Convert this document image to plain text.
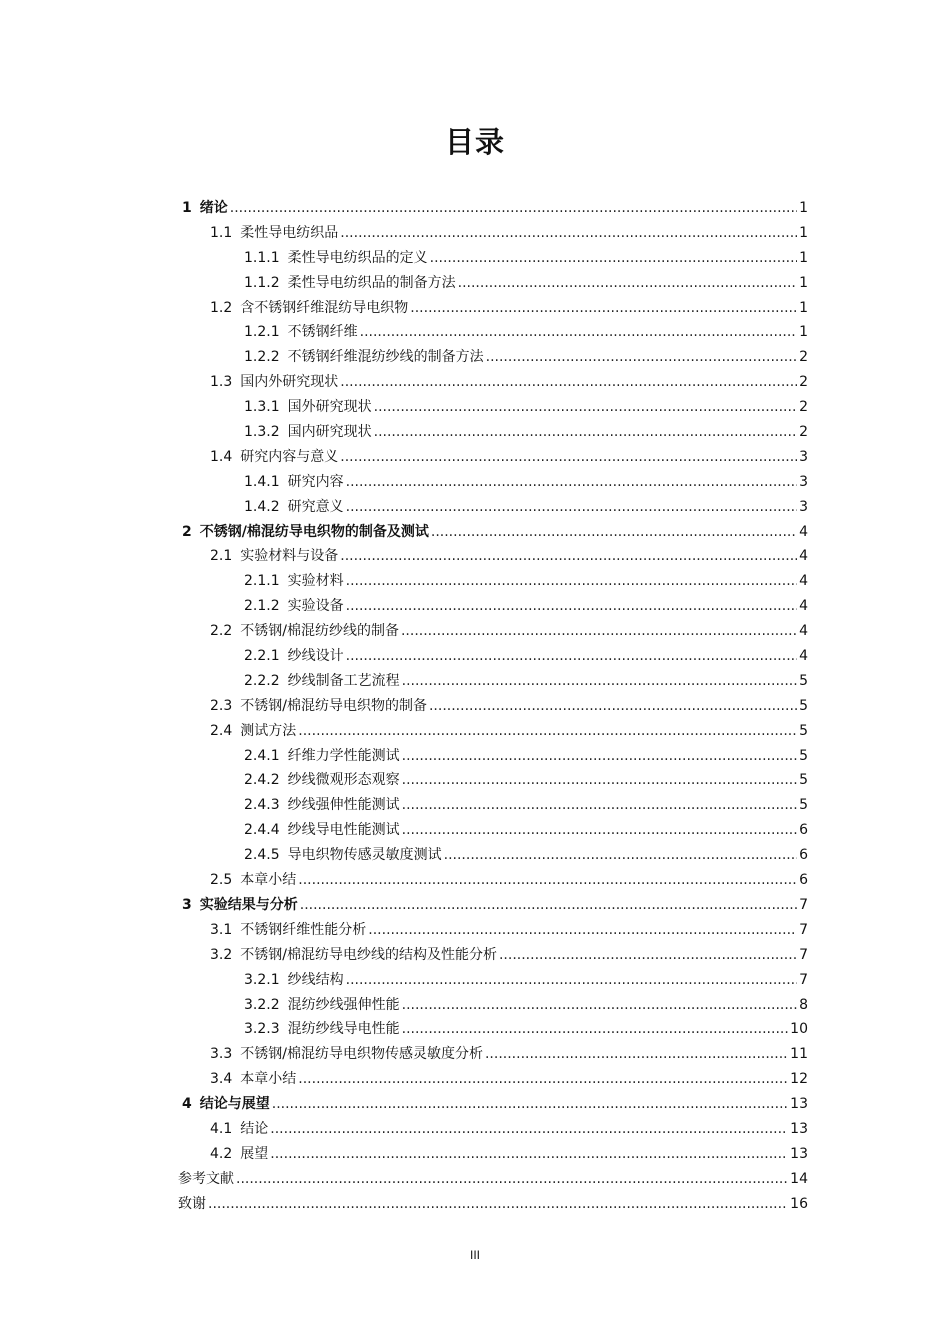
目录
1 绪论 .....	1
1.1 柔性导电纺织品 .....	1
1.1.1 柔性导电纺织品的定义 .....	1
1.1.2 柔性导电纺织品的制备方法 .....	1
1.2 含不锈钢纤维混纺导电织物 .....	1
1.2.1 不锈钢纤维 .....	1
1.2.2 不锈钢纤维混纺纱线的制备方法 .....	2
1.3 国内外研究现状 .....	2
1.3.1 国外研究现状 .....	2
1.3.2 国内研究现状 .....	2
1.4 研究内容与意义 .....	3
1.4.1 研究内容 .....	3
1.4.2 研究意义 .....	3
2 不锈钢/棉混纺导电织物的制备及测试 .....	4
2.1 实验材料与设备 .....	4
2.1.1 实验材料 .....	4
2.1.2 实验设备 .....	4
2.2 不锈钢/棉混纺纱线的制备 .....	4
2.2.1 纱线设计 .....	4
2.2.2 纱线制备工艺流程 .....	5
2.3 不锈钢/棉混纺导电织物的制备 .....	5
2.4 测试方法 .....	5
2.4.1 纤维力学性能测试 .....	5
2.4.2 纱线微观形态观察 .....	5
2.4.3 纱线强伸性能测试 .....	5
2.4.4 纱线导电性能测试 .....	6
2.4.5 导电织物传感灵敏度测试 .....	6
2.5 本章小结 .....	6
3 实验结果与分析 .....	7
3.1 不锈钢纤维性能分析 .....	7
3.2 不锈钢/棉混纺导电纱线的结构及性能分析 .....	7
3.2.1 纱线结构 .....	7
3.2.2 混纺纱线强伸性能 .....	8
3.2.3 混纺纱线导电性能 .....	10
3.3 不锈钢/棉混纺导电织物传感灵敏度分析 .....	11
3.4 本章小结 .....	12
4 结论与展望 .....	13
4.1 结论 .....	13
4.2 展望 .....	13
参考文献 .....	14
致谢 .....	16
III
